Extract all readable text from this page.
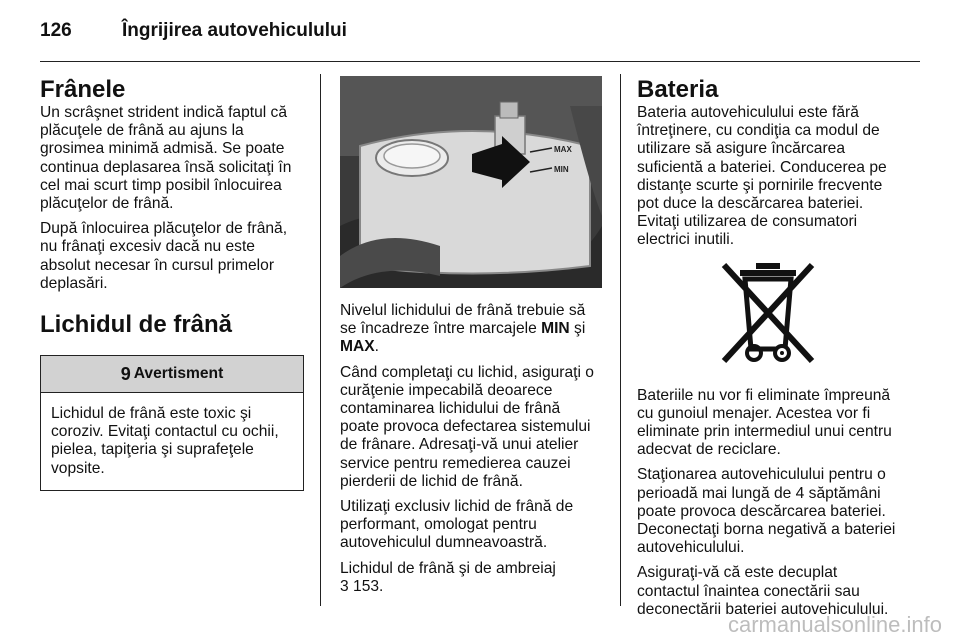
126	Îngrijirea autovehiculului
Frânele

Un scrâşnet strident indică faptul că plăcuţele de frână au ajuns la grosimea minimă admisă. Se poate continua deplasarea însă solicitaţi în cel mai scurt timp posibil înlocuirea plăcuţelor de frână.

După înlocuirea plăcuţelor de frână, nu frânaţi excesiv dacă nu este absolut necesar în cursul primelor deplasări.

Lichidul de frână
9 Avertisment
Lichidul de frână este toxic şi coroziv. Evitaţi contactul cu ochii, pielea, tapiţeria şi suprafeţele vopsite.
MAX
MIN

Nivelul lichidului de frână trebuie să se încadreze între marcajele MIN şi MAX.

Când completaţi cu lichid, asiguraţi o curăţenie impecabilă deoarece contaminarea lichidului de frână poate provoca defectarea sistemului de frânare. Adresaţi-vă unui atelier service pentru remedierea cauzei pierderii de lichid de frână.

Utilizaţi exclusiv lichid de frână de performant, omologat pentru autovehiculul dumneavoastră.

Lichidul de frână şi de ambreiaj
3 153.

Bateria

Bateria autovehiculului este fără întreţinere, cu condiţia ca modul de utilizare să asigure încărcarea suficientă a bateriei. Conducerea pe distanţe scurte şi pornirile frecvente pot duce la descărcarea bateriei. Evitaţi utilizarea de consumatori electrici inutili.

Bateriile nu vor fi eliminate împreună cu gunoiul menajer. Acestea vor fi eliminate prin intermediul unui centru adecvat de reciclare.

Staţionarea autovehiculului pentru o perioadă mai lungă de 4 săptămâni poate provoca descărcarea bateriei. Deconectaţi borna negativă a bateriei autovehiculului.

Asiguraţi-vă că este decuplat contactul înaintea conectării sau deconectării bateriei autovehiculului.

carmanualsonline.info
